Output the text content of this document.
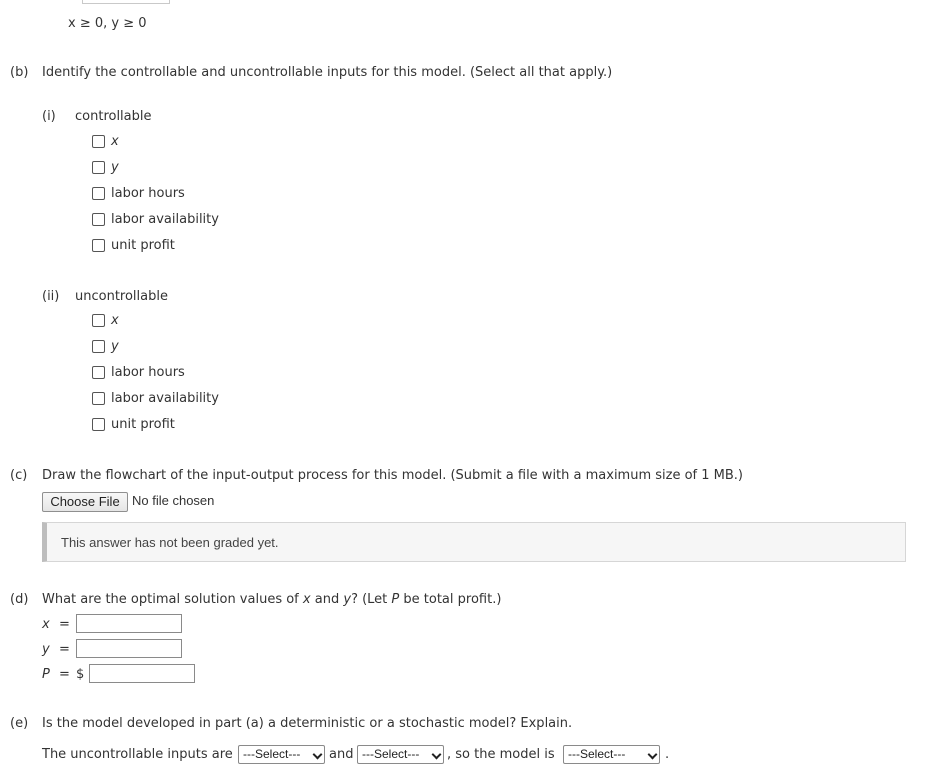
x ≥ 0, y ≥ 0
(b) Identify the controllable and uncontrollable inputs for this model. (Select all that apply.)
(i) controllable
x
y
labor hours
labor availability
unit profit
(ii) uncontrollable
x
y
labor hours
labor availability
unit profit
(c) Draw the flowchart of the input-output process for this model. (Submit a file with a maximum size of 1 MB.)
Choose File No file chosen
This answer has not been graded yet.
(d) What are the optimal solution values of x and y? (Let P be total profit.)
x =
y =
P = $
(e) Is the model developed in part (a) a deterministic or a stochastic model? Explain.
The uncontrollable inputs are ---Select---	and ---Select---	, so the model is	---Select---	.
